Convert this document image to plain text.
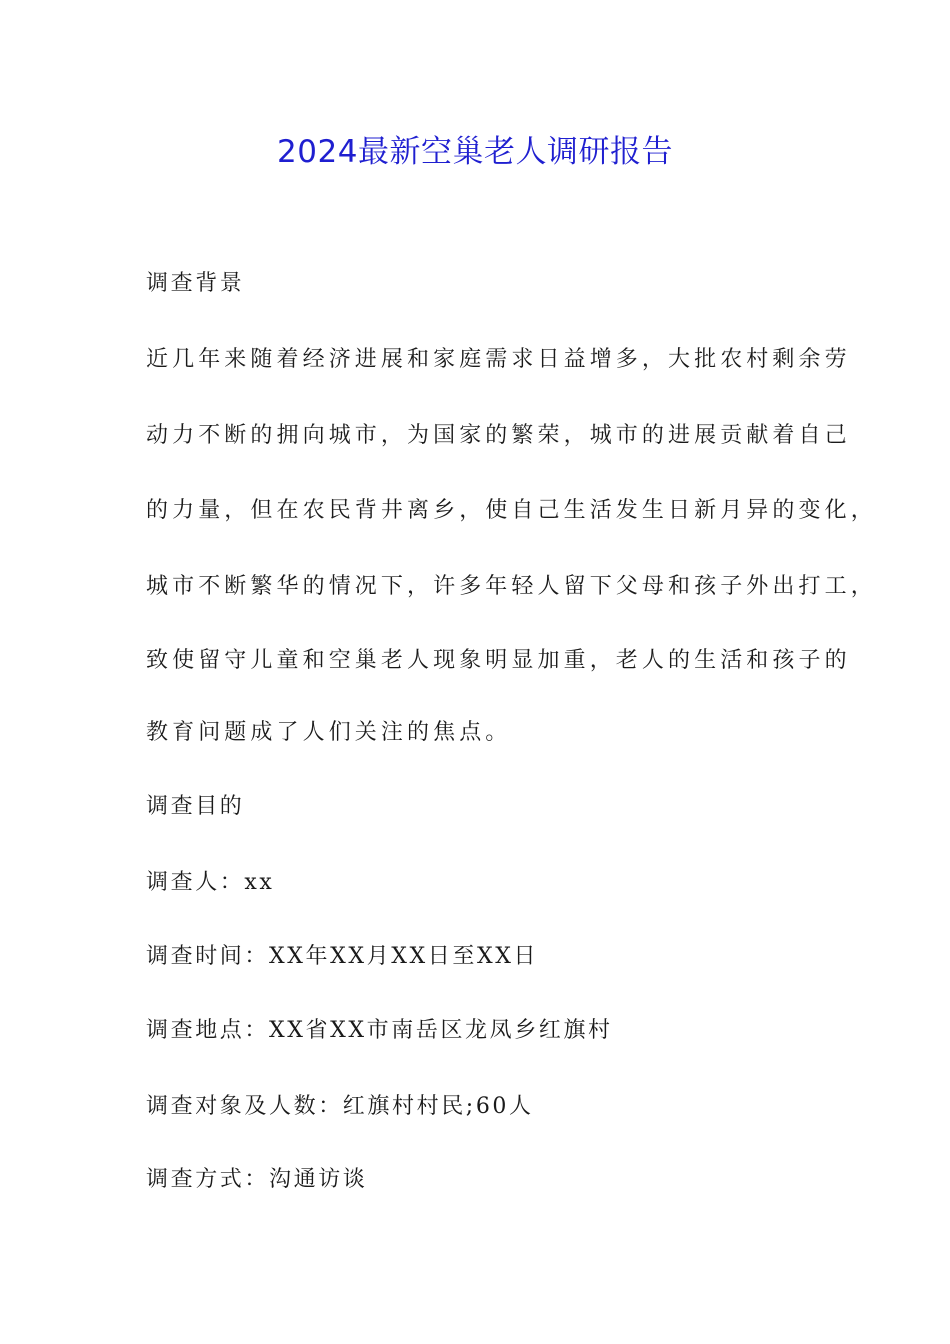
2024最新空巢老人调研报告
调查背景
近几年来随着经济进展和家庭需求日益增多，大批农村剩余劳
动力不断的拥向城市，为国家的繁荣，城市的进展贡献着自己
的力量，但在农民背井离乡，使自己生活发生日新月异的变化，
城市不断繁华的情况下，许多年轻人留下父母和孩子外出打工，
致使留守儿童和空巢老人现象明显加重，老人的生活和孩子的
教育问题成了人们关注的焦点。
调查目的
调查人：xx
调查时间：XX年XX月XX日至XX日
调查地点：XX省XX市南岳区龙凤乡红旗村
调查对象及人数：红旗村村民;60人
调查方式：沟通访谈
